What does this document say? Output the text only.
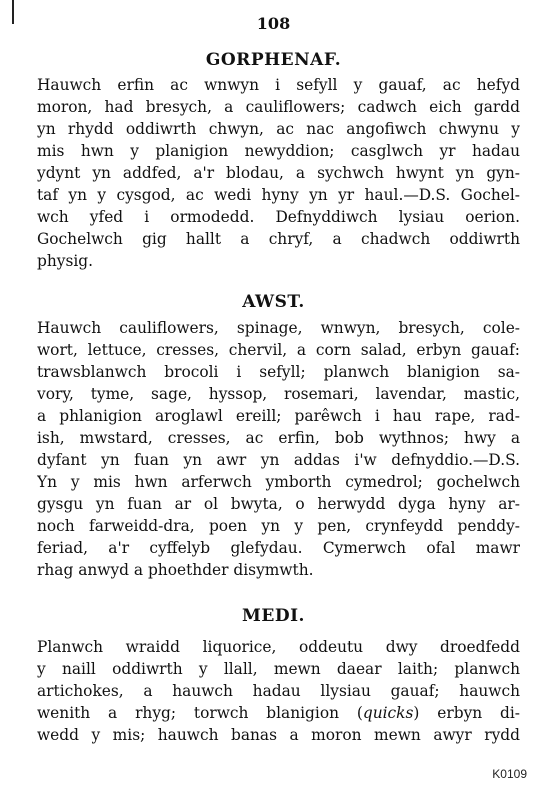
108
GORPHENAF.
Hauwch erfin ac wnwyn i sefyll y gauaf, ac hefyd
moron, had bresych, a cauliflowers; cadwch eich gardd
yn rhydd oddiwrth chwyn, ac nac angofiwch chwynu y
mis hwn y planigion newyddion; casglwch yr hadau
ydynt yn addfed, a'r blodau, a sychwch hwynt yn gyn-
taf yn y cysgod, ac wedi hyny yn yr haul.—D.S. Gochel-
wch yfed i ormodedd. Defnyddiwch lysiau oerion.
Gochelwch gig hallt a chryf, a chadwch oddiwrth
physig.
AWST.
Hauwch cauliflowers, spinage, wnwyn, bresych, cole-
wort, lettuce, cresses, chervil, a corn salad, erbyn gauaf:
trawsblanwch brocoli i sefyll; planwch blanigion sa-
vory, tyme, sage, hyssop, rosemari, lavendar, mastic,
a phlanigion aroglawl ereill; parêwch i hau rape, rad-
ish, mwstard, cresses, ac erfin, bob wythnos; hwy a
dyfant yn fuan yn awr yn addas i'w defnyddio.—D.S.
Yn y mis hwn arferwch ymborth cymedrol; gochelwch
gysgu yn fuan ar ol bwyta, o herwydd dyga hyny ar-
noch farweidd-dra, poen yn y pen, crynfeydd penddy-
feriad, a'r cyffelyb glefydau. Cymerwch ofal mawr
rhag anwyd a phoethder disymwth.
MEDI.
Planwch wraidd liquorice, oddeutu dwy droedfedd
y naill oddiwrth y llall, mewn daear laith; planwch
artichokes, a hauwch hadau llysiau gauaf; hauwch
wenith a rhyg; torwch blanigion (quicks) erbyn di-
wedd y mis; hauwch banas a moron mewn awyr rydd
K0109
